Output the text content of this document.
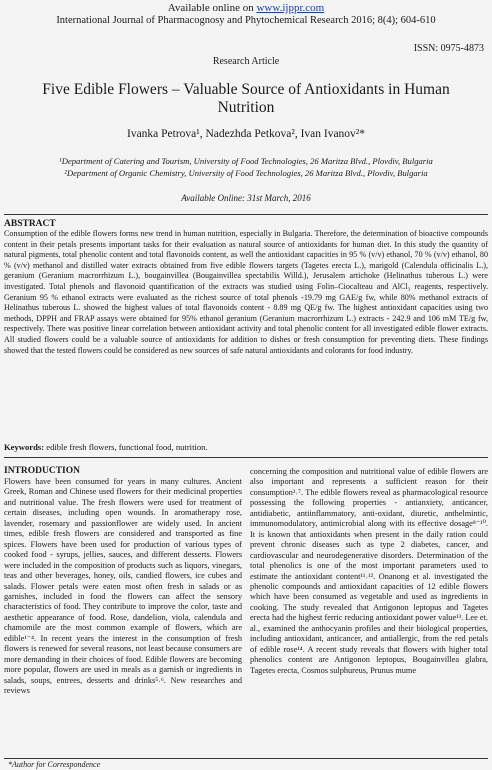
Available online on www.ijppr.com
International Journal of Pharmacognosy and Phytochemical Research 2016; 8(4); 604-610
ISSN: 0975-4873
Research Article
Five Edible Flowers – Valuable Source of Antioxidants in Human Nutrition
Ivanka Petrova¹, Nadezhda Petkova², Ivan Ivanov²*
¹Department of Catering and Tourism, University of Food Technologies, 26 Maritza Blvd., Plovdiv, Bulgaria
²Department of Organic Chemistry, University of Food Technologies, 26 Maritza Blvd., Plovdiv, Bulgaria
Available Online: 31st March, 2016
ABSTRACT
Consumption of the edible flowers forms new trend in human nutrition, especially in Bulgaria. Therefore, the determination of bioactive compounds content in their petals presents important tasks for their evaluation as natural source of antioxidants for human diet. In this study the quantity of natural pigments, total phenolic content and total flavonoids content, as well the antioxidant capacities in 95 % (v/v) ethanol, 70 % (v/v) ethanol, 80 % (v/v) methanol and distilled water extracts obtained from five edible flowers targets (Tagetes erecta L.), marigold (Calendula officinalis L.), geranium (Geranium macrorrhizum L.), bougainvillea (Bougainvillea spectabilis Willd.), Jerusalem artichoke (Helinathus tuberous L.) were investigated. Total phenols and flavonoid quantification of the extracts was studied using Folin–Ciocalteau and AlCl₃ reagents, respectively. Geranium 95 % ethanol extracts were evaluated as the richest source of total phenols -19.79 mg GAE/g fw, while 80% methanol extracts of Helinathus tuberous L. showed the highest values of total flavonoids content - 8.89 mg QE/g fw. The highest antioxidant capacities using two methods, DPPH and FRAP assays were obtained for 95% ethanol geranium (Geranium macrorrhizum L.) extracts - 242.9 and 106 mM TE/g fw, respectively. There was positive linear correlation between antioxidant activity and total phenolic content for all investigated edible flower extracts. All studied flowers could be a valuable source of antioxidants for addition to dishes or fresh consumption for preventing diets. These findings showed that the tested flowers could be considered as new sources of safe natural antioxidants and colorants for food industry.
Keywords: edible fresh flowers, functional food, nutrition.
INTRODUCTION
Flowers have been consumed for years in many cultures. Ancient Greek, Roman and Chinese used flowers for their medicinal properties and nutritional value. The fresh flowers were used for treatment of certain diseases, including open wounds. In aromatherapy rose, lavender, rosemary and passionflower are widely used. In ancient times, edible fresh flowers are considered and transported as fine spices. Flowers have been used for production of various types of cooked food - syrups, jellies, sauces, and different desserts. Flowers were included in the composition of products such as liquors, vinegars, teas and other beverages, honey, oils, candied flowers, ice cubes and salads. Flower petals were eaten most often fresh in salads or as garnishes, included in food the flowers can affect the sensory characteristics of food. They contribute to improve the color, taste and aesthetic appearance of food. Rose, dandelion, viola, calendula and chamomile are the most common example of flowers, which are edible¹⁻⁴. In recent years the interest in the consumption of fresh flowers is renewed for several reasons, not least because consumers are more demanding in their choices of food. Edible flowers are becoming more popular, flowers are used in meals as a garnish or ingredients in salads, soups, entrees, desserts and drinks⁵˒⁶. New researches and reviews
concerning the composition and nutritional value of edible flowers are also important and represents a sufficient reason for their consumption³˒⁷. The edible flowers reveal as pharmacological resource possessing the following properties - antianxiety, anticancer, antidiabetic, antiinflammatory, anti-oxidant, diuretic, anthelmintic, immunomodulatory, antimicrobial along with its effective dosage⁸⁻¹⁰. It is known that antioxidants when present in the daily ration could prevent chronic diseases such as type 2 diabetes, cancer, and cardiovascular and neurodegenerative disorders. Determination of the total phenolics is one of the most important parameters used to estimate the antioxidant content¹¹˒¹². Onanong et al. investigated the phenolic compounds and antioxidant capacities of 12 edible flowers which have been consumed as vegetable and used as ingredients in cooking. The study revealed that Antigonon leptopus and Tagetes erecta had the highest ferric reducing antioxidant power value¹³. Lee et. al., examined the anthocyanin profiles and their biological properties, including antioxidant, anticancer, and antiallergic, from the red petals of edible rose¹⁴. A recent study reveals that flowers with higher total phenolics content are Antigonon leptopus, Bougainvillea glabra, Tagetes erecta, Cosmos sulphureus, Prunus mume
*Author for Correspondence
